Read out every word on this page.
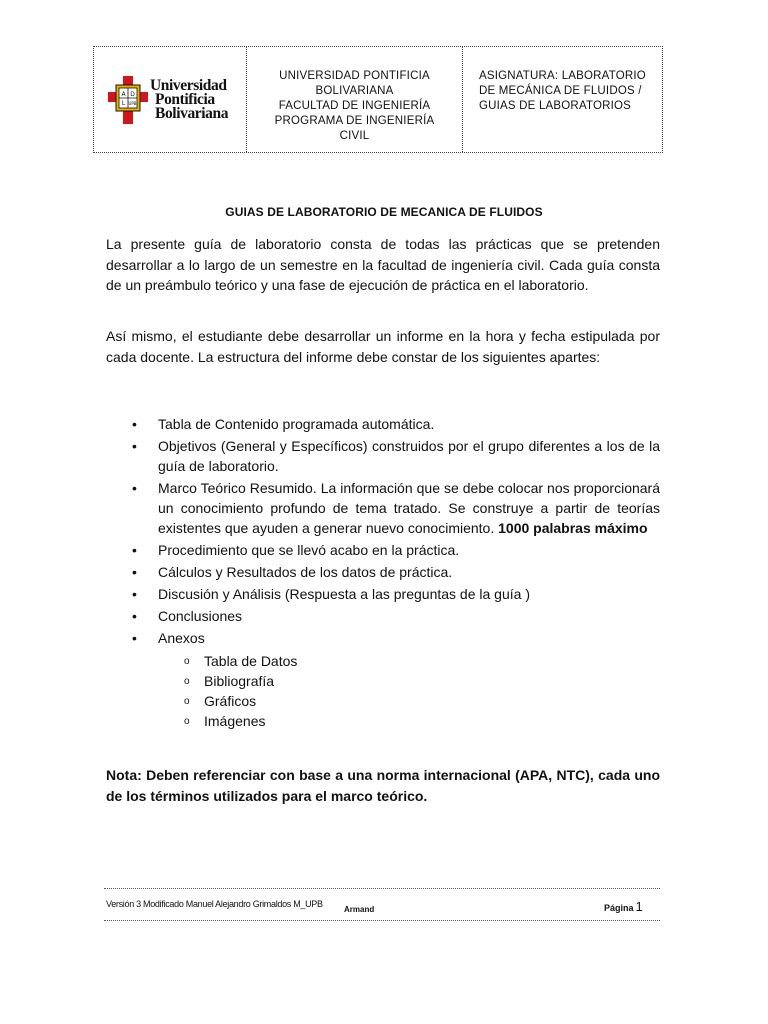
A D
L UPB
Universidad
Pontificia
Bolivariana
UNIVERSIDAD PONTIFICIA
BOLIVARIANA
FACULTAD DE INGENIERÍA
PROGRAMA DE INGENIERÍA
CIVIL
ASIGNATURA: LABORATORIO
DE MECÁNICA DE FLUIDOS /
GUIAS DE LABORATORIOS
GUIAS DE LABORATORIO DE MECANICA DE FLUIDOS
La presente guía de laboratorio consta de todas las prácticas que se pretenden desarrollar a lo largo de un semestre en la facultad de ingeniería civil. Cada guía consta de un preámbulo teórico y una fase de ejecución de práctica en el laboratorio.
Así mismo, el estudiante debe desarrollar un informe en la hora y fecha estipulada por cada docente. La estructura del informe debe constar de los siguientes apartes:
• Tabla de Contenido programada automática.
• Objetivos (General y Específicos) construidos por el grupo diferentes a los de la guía de laboratorio.
• Marco Teórico Resumido. La información que se debe colocar nos proporcionará un conocimiento profundo de tema tratado. Se construye a partir de teorías existentes que ayuden a generar nuevo conocimiento. 1000 palabras máximo
• Procedimiento que se llevó acabo en la práctica.
• Cálculos y Resultados de los datos de práctica.
• Discusión y Análisis (Respuesta a las preguntas de la guía )
• Conclusiones
• Anexos
o Tabla de Datos
o Bibliografía
o Gráficos
o Imágenes
Nota: Deben referenciar con base a una norma internacional (APA, NTC), cada uno de los términos utilizados para el marco teórico.
Versión 3 Modificado Manuel Alejandro Grimaldos M_UPB
Armand	Página 1
